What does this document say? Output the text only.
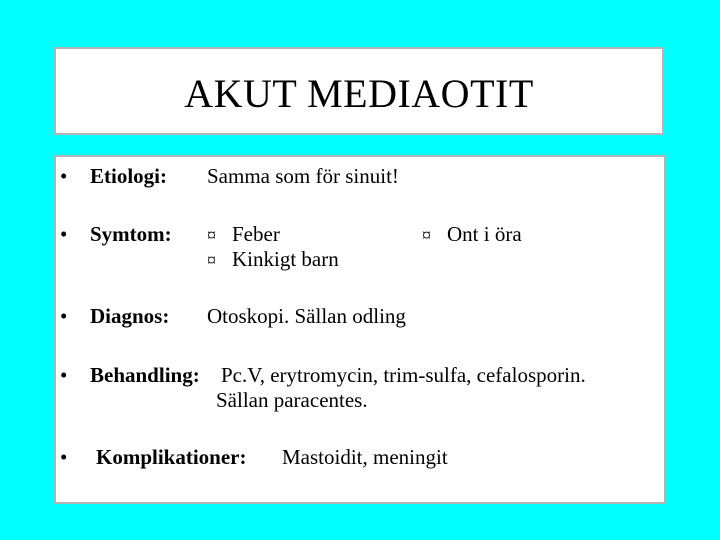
AKUT MEDIAOTIT
• Etiologi: Samma som för sinuit!
• Symtom: ¤ Feber
¤ Kinkigt barn
¤ Ont i öra
• Diagnos: Otoskopi. Sällan odling
• Behandling: Pc.V, erytromycin, trim-sulfa, cefalosporin.
Sällan paracentes.
• Komplikationer: Mastoidit, meningit
